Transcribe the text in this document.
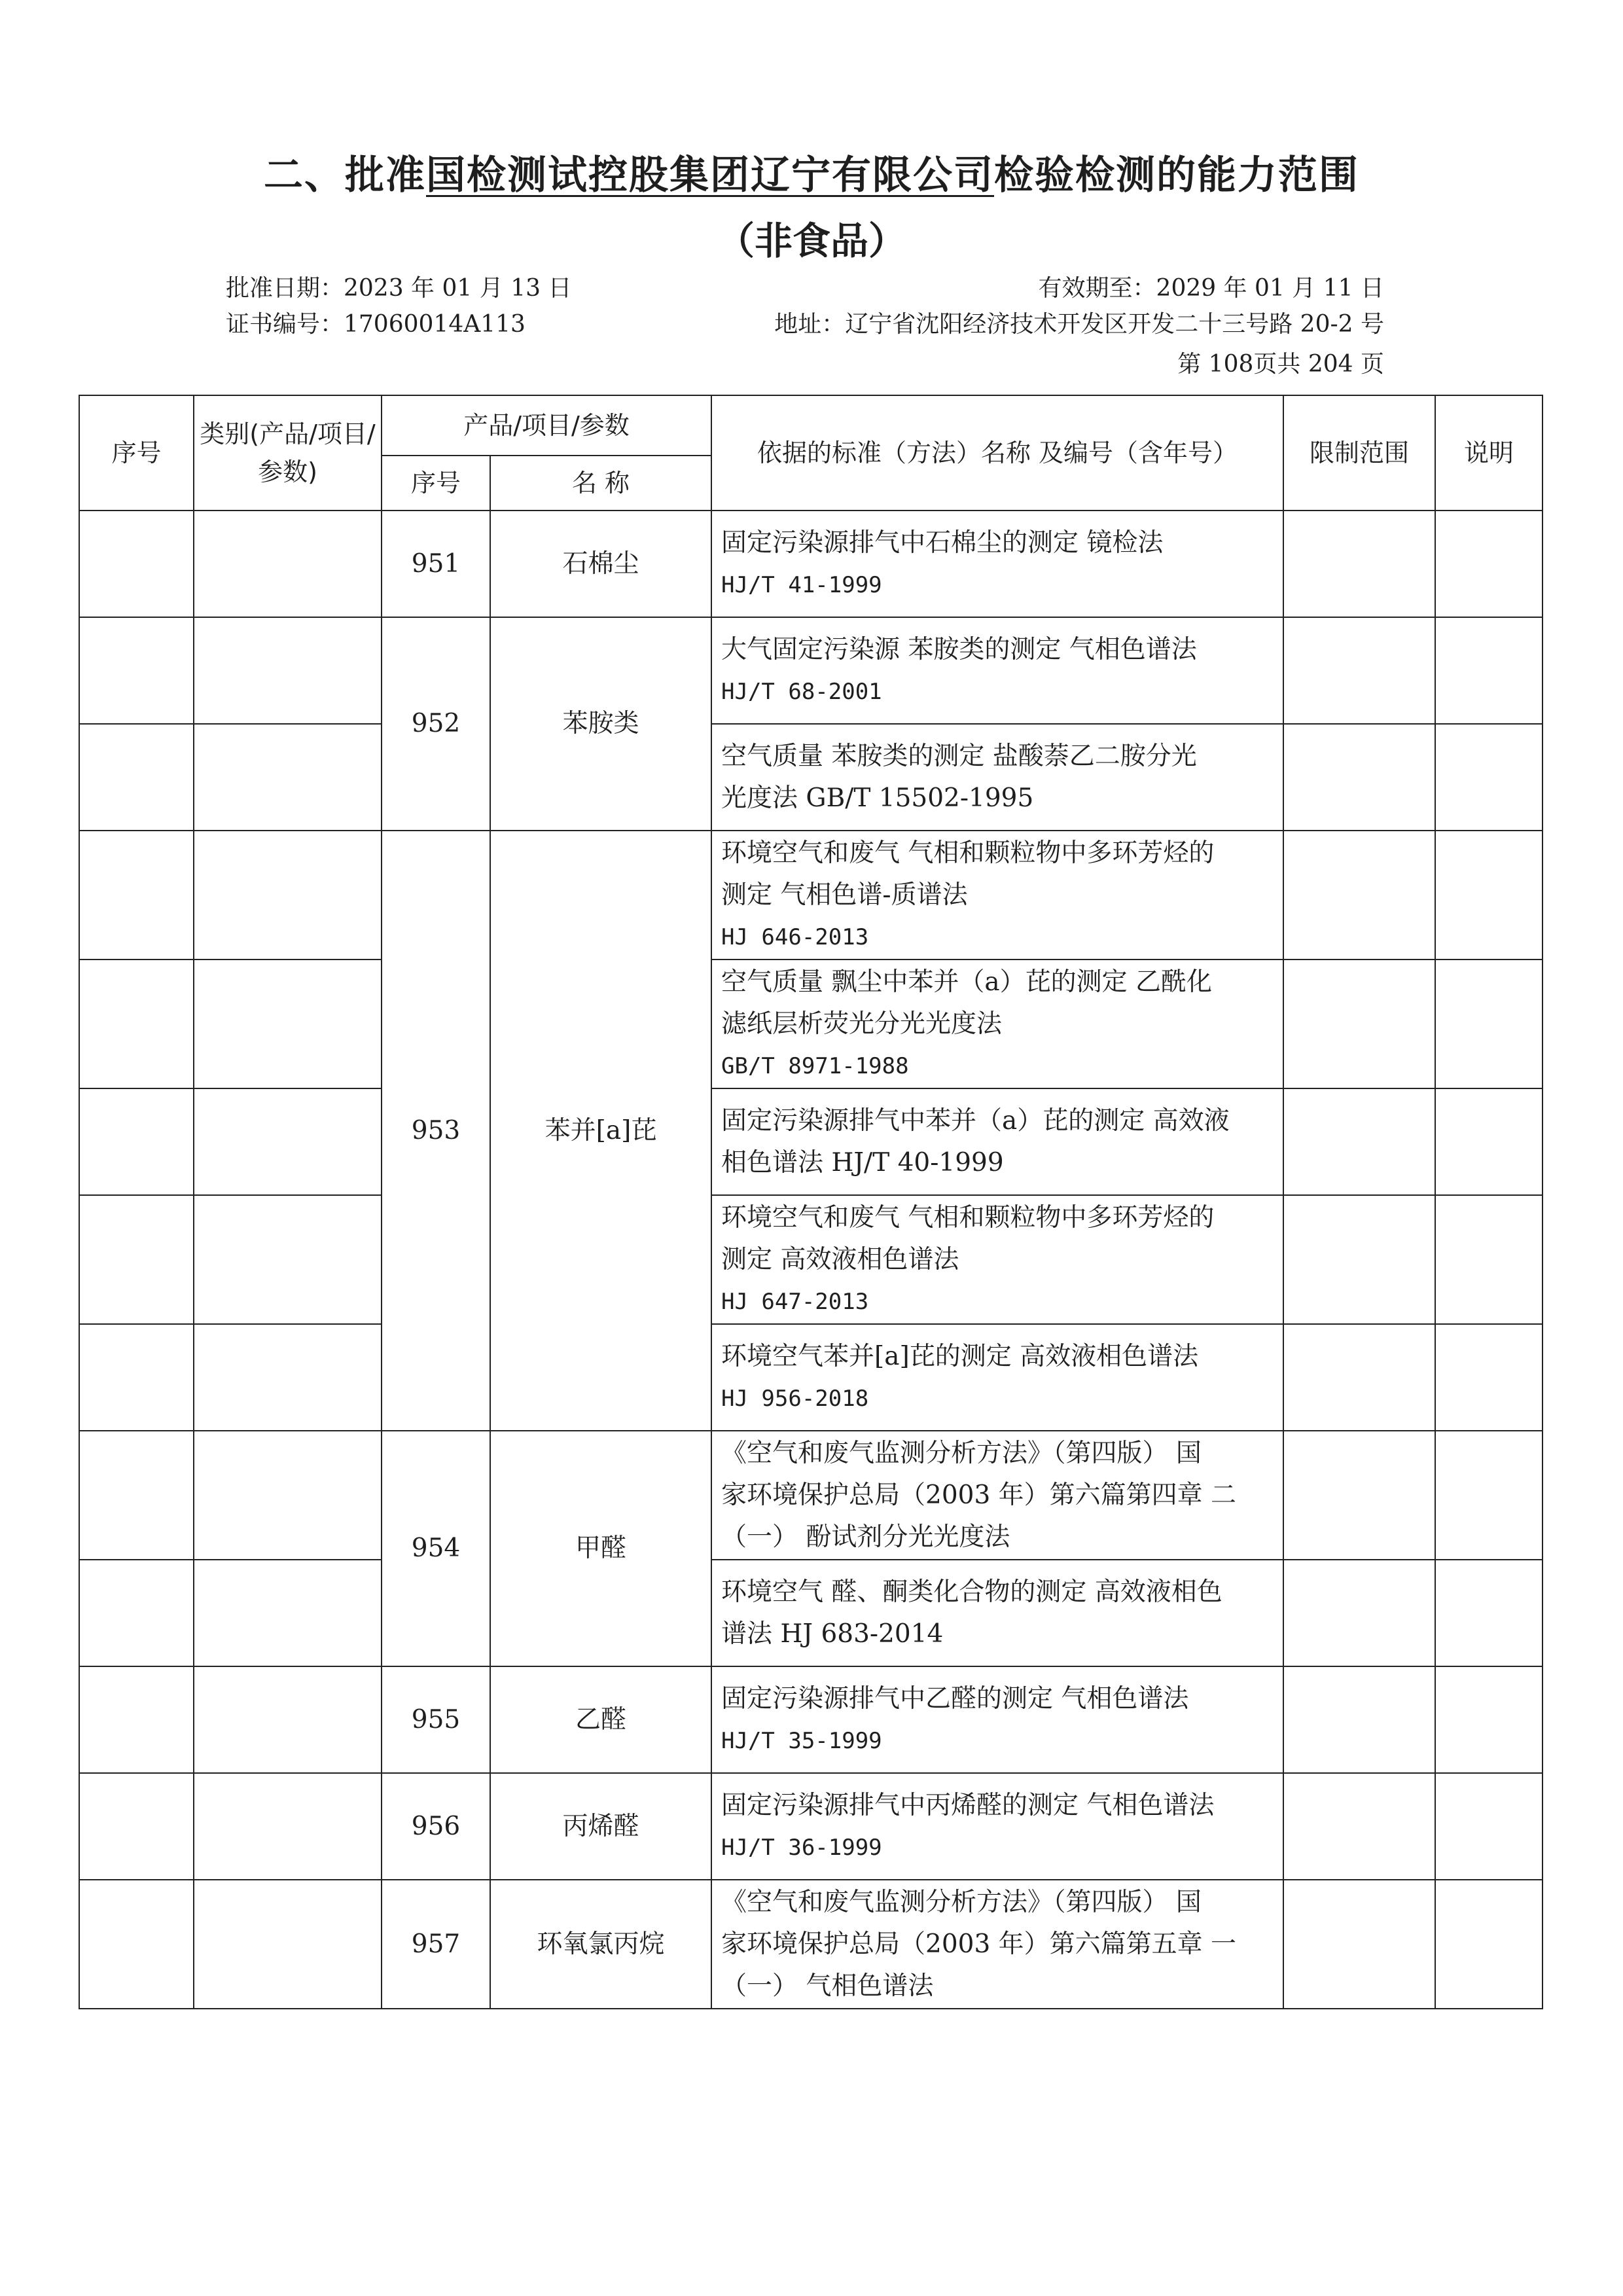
二、批准国检测试控股集团辽宁有限公司检验检测的能力范围
（非食品）
批准日期：2023 年 01 月 13 日	有效期至：2029 年 01 月 11 日
证书编号：17060014A113	地址：辽宁省沈阳经济技术开发区开发二十三号路 20-2 号
第 108页共 204 页
序号	类别(产品/项目/参数)	产品/项目/参数		依据的标准（方法）名称 及编号（含年号）	限制范围	说明
		序号	名 称			
		951	石棉尘	固定污染源排气中石棉尘的测定 镜检法
HJ/T 41-1999		

		952	苯胺类	大气固定污染源 苯胺类的测定 气相色谱法
HJ/T 68-2001		

				空气质量 苯胺类的测定 盐酸萘乙二胺分光
光度法 GB/T 15502-1995		

		953	苯并[a]芘	环境空气和废气 气相和颗粒物中多环芳烃的
测定 气相色谱-质谱法
HJ 646-2013		

				空气质量 飘尘中苯并（a）芘的测定 乙酰化
滤纸层析荧光分光光度法
GB/T 8971-1988		

				固定污染源排气中苯并（a）芘的测定 高效液
相色谱法 HJ/T 40-1999		

				环境空气和废气 气相和颗粒物中多环芳烃的
测定 高效液相色谱法
HJ 647-2013		

				环境空气苯并[a]芘的测定 高效液相色谱法
HJ 956-2018		

		954	甲醛	《空气和废气监测分析方法》（第四版） 国
家环境保护总局（2003 年）第六篇第四章 二
（一） 酚试剂分光光度法		

				环境空气 醛、酮类化合物的测定 高效液相色
谱法 HJ 683-2014		

		955	乙醛	固定污染源排气中乙醛的测定 气相色谱法
HJ/T 35-1999		

		956	丙烯醛	固定污染源排气中丙烯醛的测定 气相色谱法
HJ/T 36-1999		

		957	环氧氯丙烷	《空气和废气监测分析方法》（第四版） 国
家环境保护总局（2003 年）第六篇第五章 一
（一） 气相色谱法		
